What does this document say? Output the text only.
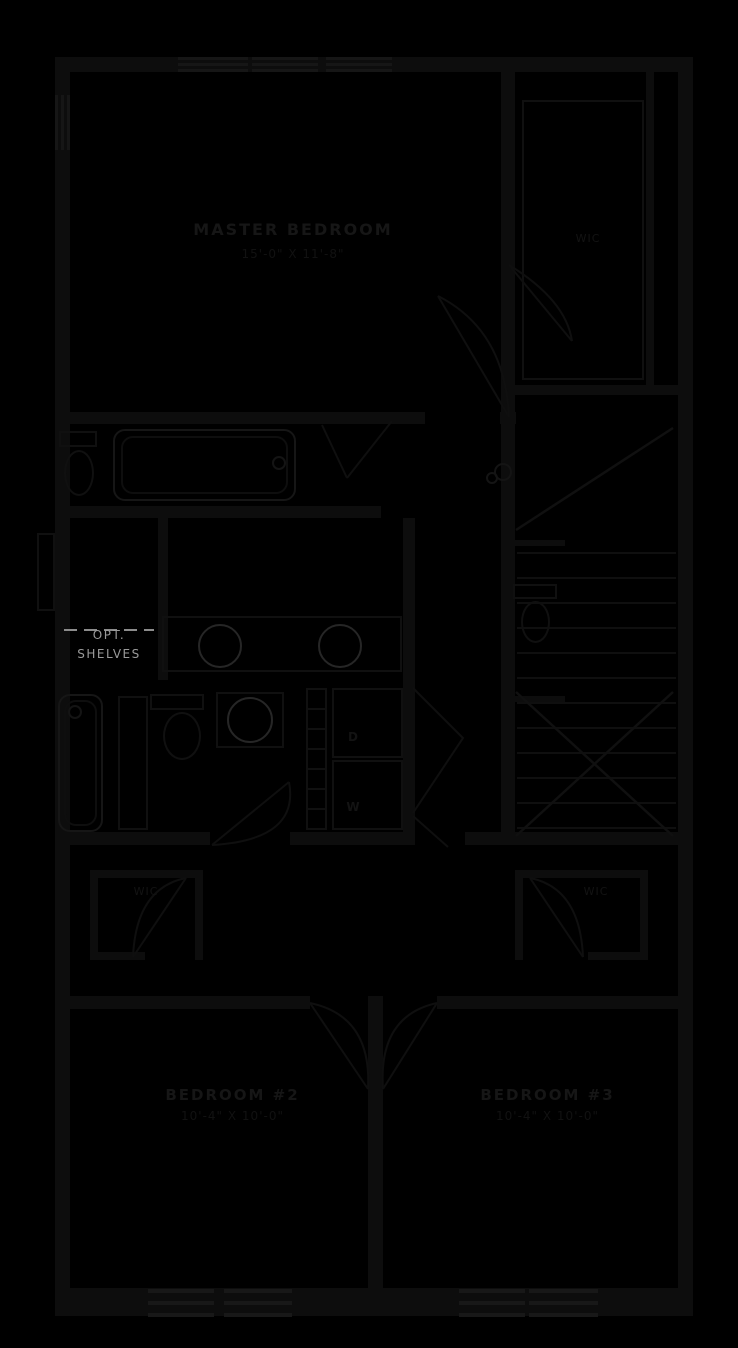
MASTER BEDROOM
15'-0" X 11'-8"
WIC
OPT.
SHELVES
D
W
WIC	WIC
BEDROOM #2
10'-4" X 10'-0"
BEDROOM #3
10'-4" X 10'-0"
